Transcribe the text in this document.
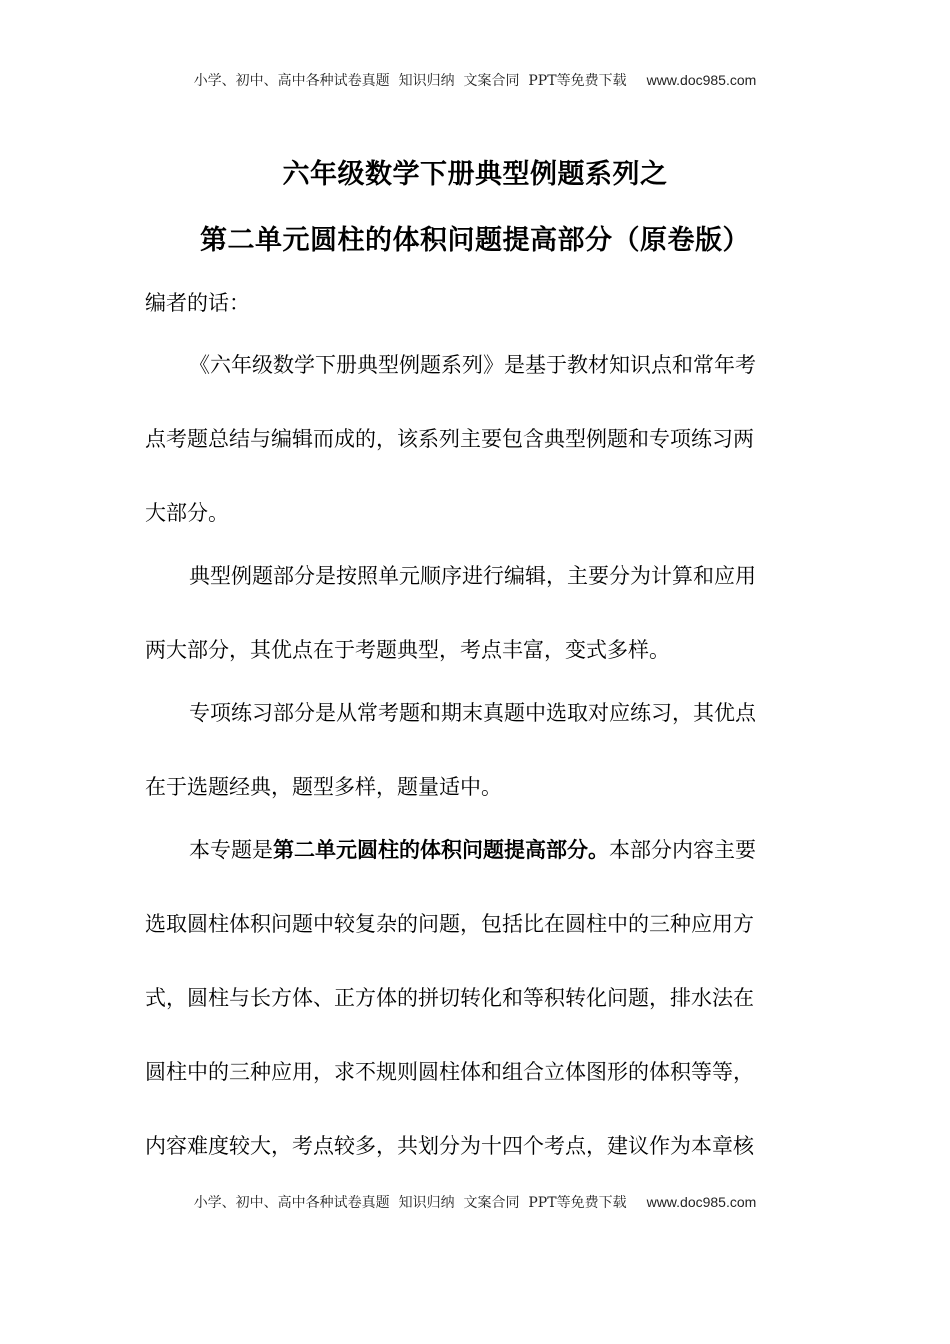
小学、初中、高中各种试卷真题  知识归纳  文案合同  PPT等免费下载 www.doc985.com
六年级数学下册典型例题系列之
第二单元圆柱的体积问题提高部分（原卷版）
编者的话：
《六年级数学下册典型例题系列》是基于教材知识点和常年考
点考题总结与编辑而成的，该系列主要包含典型例题和专项练习两
大部分。
典型例题部分是按照单元顺序进行编辑，主要分为计算和应用
两大部分，其优点在于考题典型，考点丰富，变式多样。
专项练习部分是从常考题和期末真题中选取对应练习，其优点
在于选题经典，题型多样，题量适中。
本专题是第二单元圆柱的体积问题提高部分。本部分内容主要
选取圆柱体积问题中较复杂的问题，包括比在圆柱中的三种应用方
式，圆柱与长方体、正方体的拼切转化和等积转化问题，排水法在
圆柱中的三种应用，求不规则圆柱体和组合立体图形的体积等等，
内容难度较大，考点较多，共划分为十四个考点，建议作为本章核
小学、初中、高中各种试卷真题  知识归纳  文案合同  PPT等免费下载 www.doc985.com
